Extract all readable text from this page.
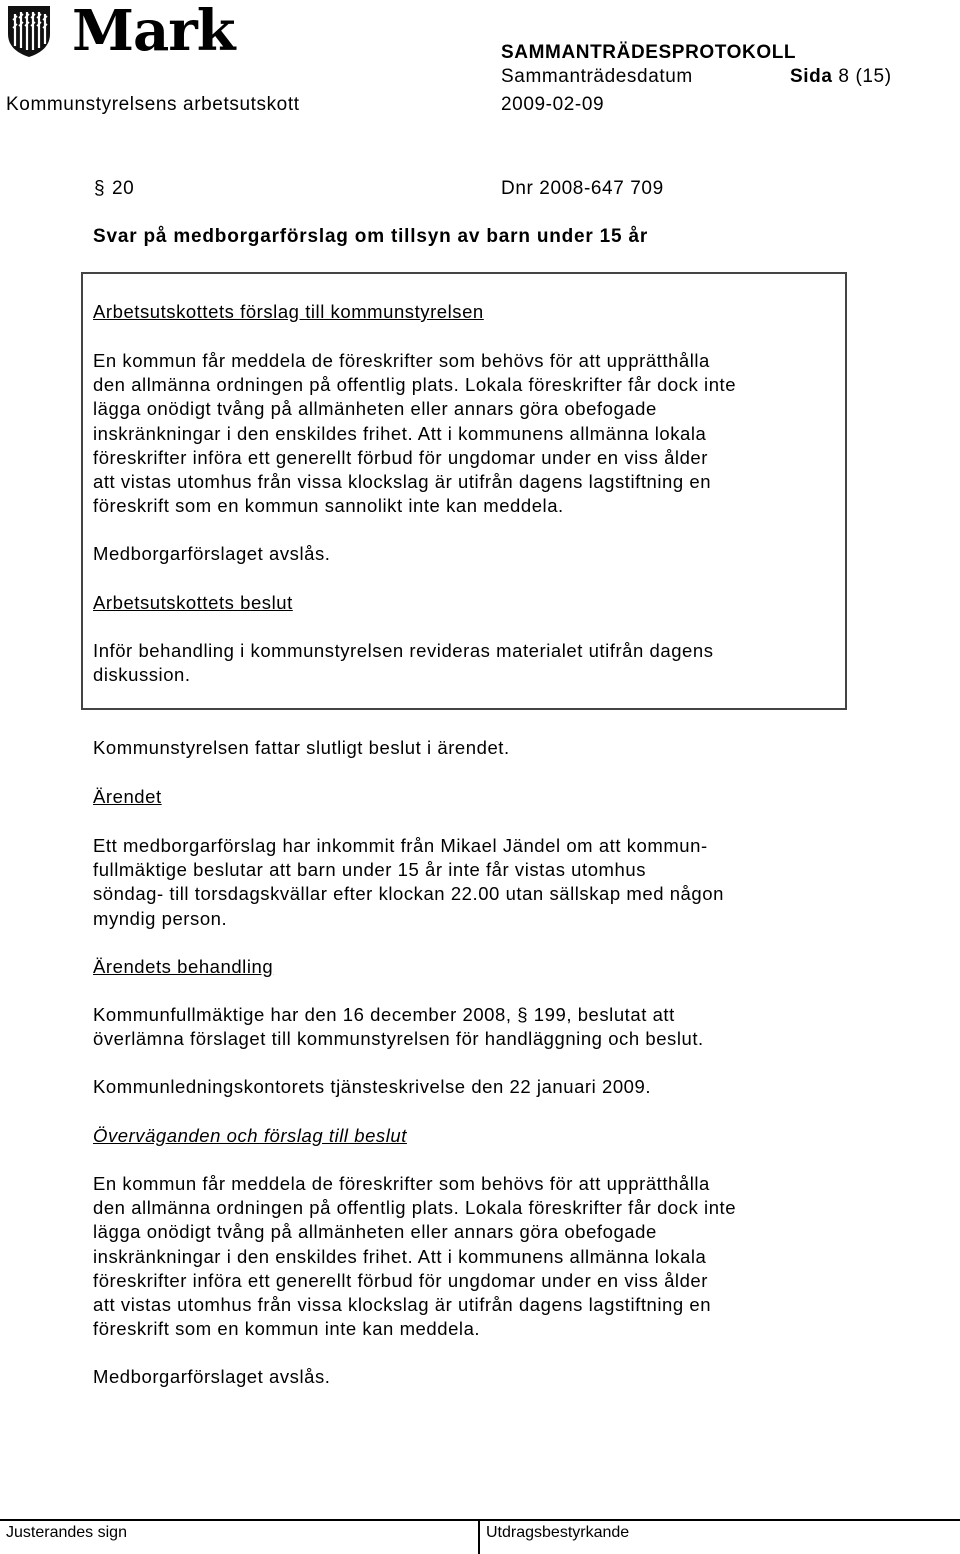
Mark	SAMMANTRÄDESPROTOKOLL
Sammanträdesdatum	Sida 8 (15)
Kommunstyrelsens arbetsutskott	2009-02-09
§ 20	Dnr 2008-647 709
Svar på medborgarförslag om tillsyn av barn under 15 år

Arbetsutskottets förslag till kommunstyrelsen

En kommun får meddela de föreskrifter som behövs för att upprätthålla
den allmänna ordningen på offentlig plats. Lokala föreskrifter får dock inte
lägga onödigt tvång på allmänheten eller annars göra obefogade
inskränkningar i den enskildes frihet. Att i kommunens allmänna lokala
föreskrifter införa ett generellt förbud för ungdomar under en viss ålder
att vistas utomhus från vissa klockslag är utifrån dagens lagstiftning en
föreskrift som en kommun sannolikt inte kan meddela.

Medborgarförslaget avslås.

Arbetsutskottets beslut

Inför behandling i kommunstyrelsen revideras materialet utifrån dagens
diskussion.

Kommunstyrelsen fattar slutligt beslut i ärendet.

Ärendet

Ett medborgarförslag har inkommit från Mikael Jändel om att kommun-
fullmäktige beslutar att barn under 15 år inte får vistas utomhus
söndag- till torsdagskvällar efter klockan 22.00 utan sällskap med någon
myndig person.

Ärendets behandling

Kommunfullmäktige har den 16 december 2008, § 199, beslutat att

överlämna förslaget till kommunstyrelsen för handläggning och beslut.

Kommunledningskontorets tjänsteskrivelse den 22 januari 2009.

Överväganden och förslag till beslut

En kommun får meddela de föreskrifter som behövs för att upprätthålla
den allmänna ordningen på offentlig plats. Lokala föreskrifter får dock inte
lägga onödigt tvång på allmänheten eller annars göra obefogade
inskränkningar i den enskildes frihet. Att i kommunens allmänna lokala
föreskrifter införa ett generellt förbud för ungdomar under en viss ålder
att vistas utomhus från vissa klockslag är utifrån dagens lagstiftning en
föreskrift som en kommun inte kan meddela.

Medborgarförslaget avslås.

Justerandes sign	Utdragsbestyrkande
